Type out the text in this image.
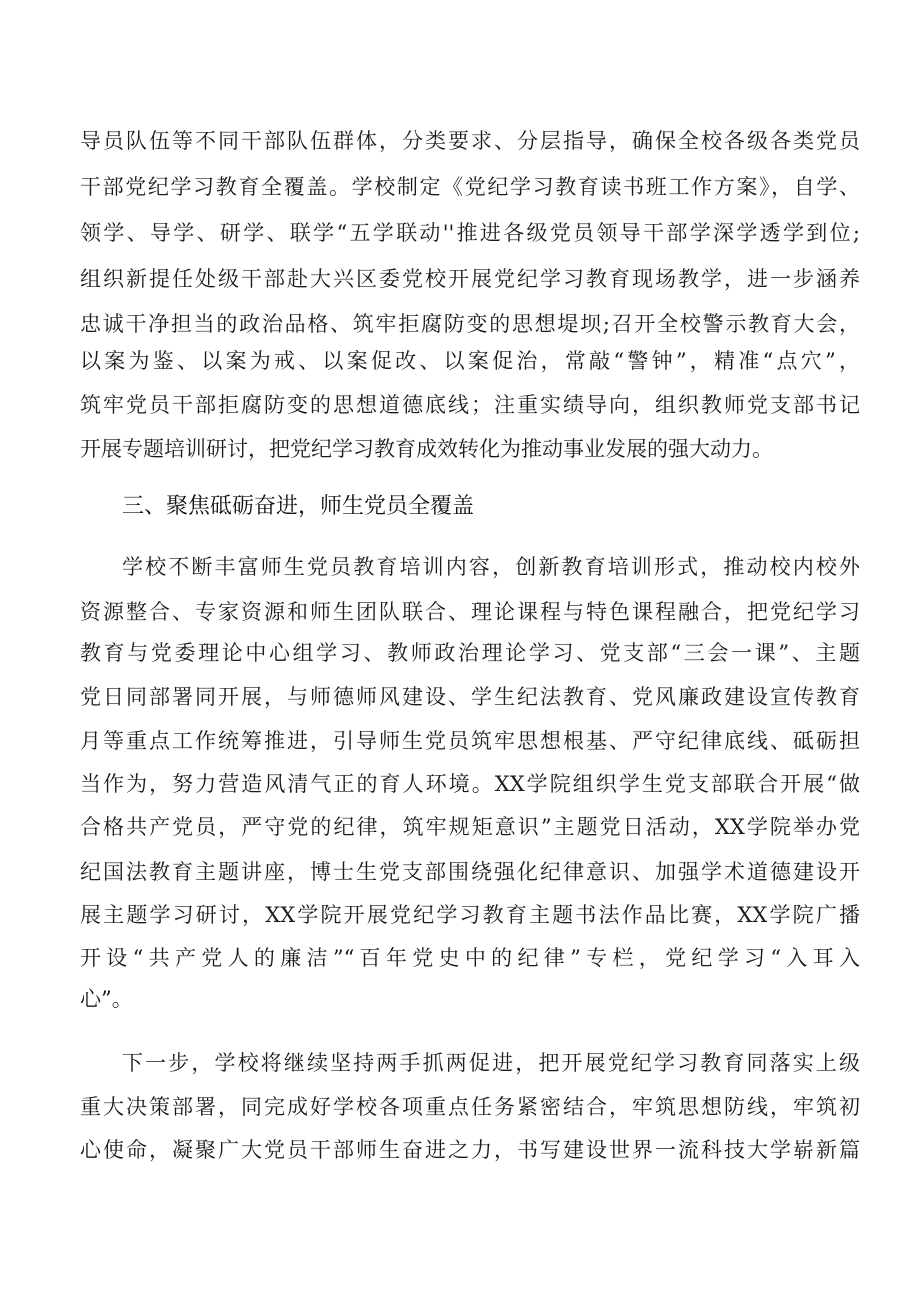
导员队伍等不同干部队伍群体，分类要求、分层指导，确保全校各级各类党员
干部党纪学习教育全覆盖。学校制定《党纪学习教育读书班工作方案》，自学、
领学、导学、研学、联学“五学联动''推进各级党员领导干部学深学透学到位;
组织新提任处级干部赴大兴区委党校开展党纪学习教育现场教学，进一步涵养
忠诚干净担当的政治品格、筑牢拒腐防变的思想堤坝;召开全校警示教育大会，
以案为鉴、以案为戒、以案促改、以案促治，常敲“警钟”，精准“点穴”，
筑牢党员干部拒腐防变的思想道德底线；注重实绩导向，组织教师党支部书记
开展专题培训研讨，把党纪学习教育成效转化为推动事业发展的强大动力。
三、聚焦砥砺奋进，师生党员全覆盖
学校不断丰富师生党员教育培训内容，创新教育培训形式，推动校内校外
资源整合、专家资源和师生团队联合、理论课程与特色课程融合，把党纪学习
教育与党委理论中心组学习、教师政治理论学习、党支部“三会一课”、主题
党日同部署同开展，与师德师风建设、学生纪法教育、党风廉政建设宣传教育
月等重点工作统筹推进，引导师生党员筑牢思想根基、严守纪律底线、砥砺担
当作为，努力营造风清气正的育人环境。XX学院组织学生党支部联合开展“做
合格共产党员，严守党的纪律，筑牢规矩意识”主题党日活动，XX学院举办党
纪国法教育主题讲座，博士生党支部围绕强化纪律意识、加强学术道德建设开
展主题学习研讨，XX学院开展党纪学习教育主题书法作品比赛，XX学院广播
开设“共产党人的廉洁”“百年党史中的纪律”专栏，党纪学习“入耳入
心”。
下一步，学校将继续坚持两手抓两促进，把开展党纪学习教育同落实上级
重大决策部署，同完成好学校各项重点任务紧密结合，牢筑思想防线，牢筑初
心使命，凝聚广大党员干部师生奋进之力，书写建设世界一流科技大学崭新篇
